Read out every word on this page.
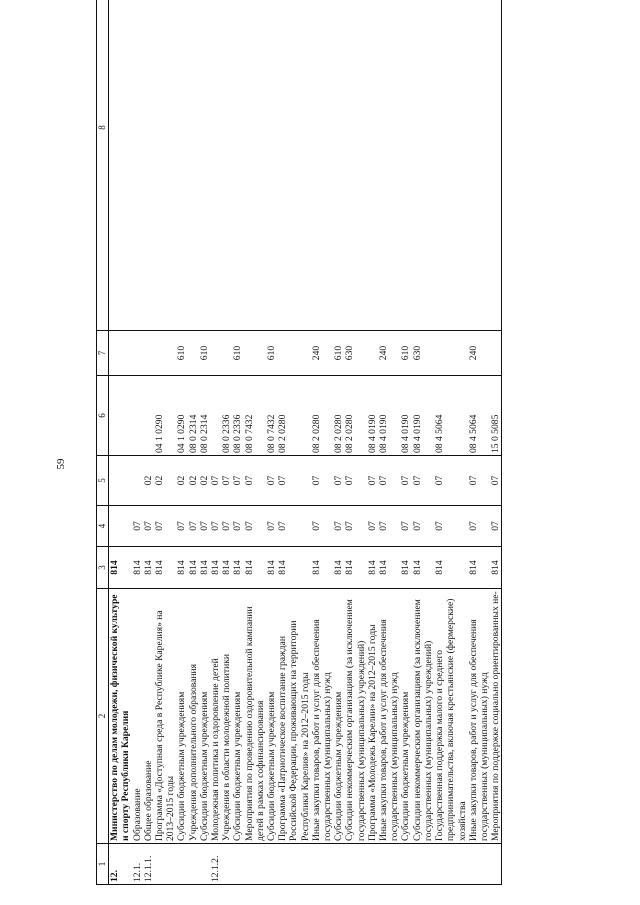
59
1	2	3	4	5	6	7	8
12.	Министерство по делам молодежи, физической культуре и спорту Республики Карелия	814					
12.1.	Образование	814	07				
12.1.1.	Общее образование	814	07	02			
	Программа «Доступная среда в Республике Карелия» на 2013–2015 годы	814	07	02	04 1 0290		
	Субсидии бюджетным учреждениям	814	07	02	04 1 0290	610	
	Учреждения дополнительного образования	814	07	02	08 0 2314		
	Субсидии бюджетным учреждениям	814	07	02	08 0 2314	610	
12.1.2.	Молодежная политика и оздоровление детей	814	07	07			
	Учреждения в области молодежной политики	814	07	07	08 0 2336		
	Субсидии бюджетным учреждениям	814	07	07	08 0 2336	610	
	Мероприятия по проведению оздоровительной кампании детей в рамках софинансирования	814	07	07	08 0 7432		
	Субсидии бюджетным учреждениям	814	07	07	08 0 7432	610	
	Программа «Патриотическое воспитание граждан Российской Федерации, проживающих на территории Республики Карелия» на 2012–2015 годы	814	07	07	08 2 0280		
	Иные закупки товаров, работ и услуг для обеспечения государственных (муниципальных) нужд	814	07	07	08 2 0280	240	
	Субсидии бюджетным учреждениям	814	07	07	08 2 0280	610	
	Субсидии некоммерческим организациям (за исключением государственных (муниципальных) учреждений)	814	07	07	08 2 0280	630	
	Программа «Молодежь Карелии» на 2012–2015 годы	814	07	07	08 4 0190		
	Иные закупки товаров, работ и услуг для обеспечения государственных (муниципальных) нужд	814	07	07	08 4 0190	240	
	Субсидии бюджетным учреждениям	814	07	07	08 4 0190	610	
	Субсидии некоммерческим организациям (за исключением государственных (муниципальных) учреждений)	814	07	07	08 4 0190	630	
	Государственная поддержка малого и среднего предпринимательства, включая крестьянские (фермерские) хозяйства	814	07	07	08 4 5064		
	Иные закупки товаров, работ и услуг для обеспечения государственных (муниципальных) нужд	814	07	07	08 4 5064	240	
	Мероприятия по поддержке социально ориентированных не-	814	07	07	15 0 5085		
